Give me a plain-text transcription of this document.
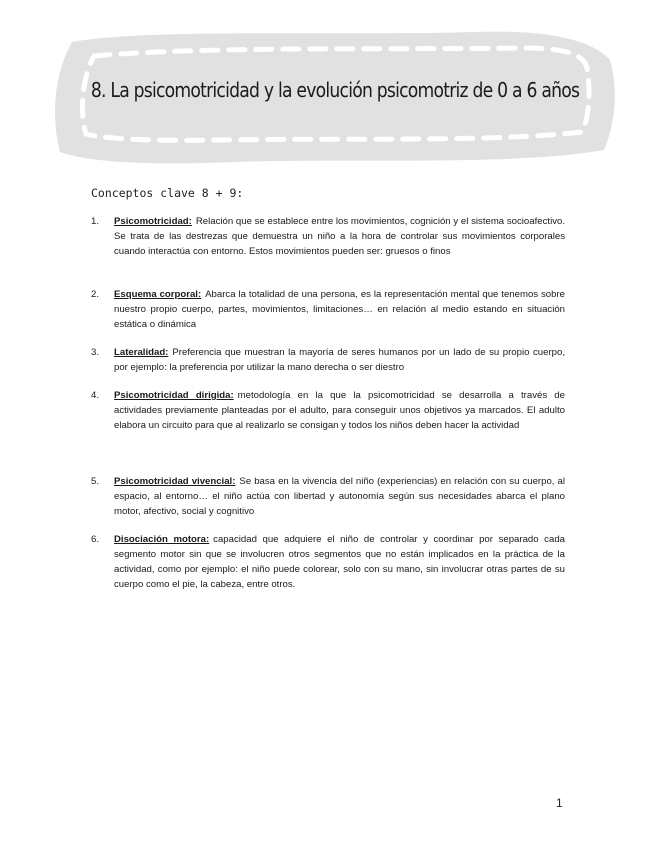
8. La psicomotricidad y la evolución psicomotriz de 0 a 6 años
Conceptos clave 8 + 9:
1.	Psicomotricidad: Relación que se establece entre los movimientos, cognición y el sistema socioafectivo. Se trata de las destrezas que demuestra un niño a la hora de controlar sus movimientos corporales cuando interactúa con entorno. Estos movimientos pueden ser: gruesos o finos
2.	Esquema corporal: Abarca la totalidad de una persona, es la representación mental que tenemos sobre nuestro propio cuerpo, partes, movimientos, limitaciones… en relación al medio estando en situación estática o dinámica
3.	Lateralidad: Preferencia que muestran la mayoría de seres humanos por un lado de su propio cuerpo, por ejemplo: la preferencia por utilizar la mano derecha o ser diestro
4.	Psicomotricidad dirigida: metodología en la que la psicomotricidad se desarrolla a través de actividades previamente planteadas por el adulto, para conseguir unos objetivos ya marcados. El adulto elabora un circuito para que al realizarlo se consigan y todos los niños deben hacer la actividad
5.	Psicomotricidad vivencial: Se basa en la vivencia del niño (experiencias) en relación con su cuerpo, al espacio, al entorno… el niño actúa con libertad y autonomía según sus necesidades abarca el plano motor, afectivo, social y cognitivo
6.	Disociación motora: capacidad que adquiere el niño de controlar y coordinar por separado cada segmento motor sin que se involucren otros segmentos que no están implicados en la práctica de la actividad, como por ejemplo: el niño puede colorear, solo con su mano, sin involucrar otras partes de su cuerpo como el pie, la cabeza, entre otros.
1
